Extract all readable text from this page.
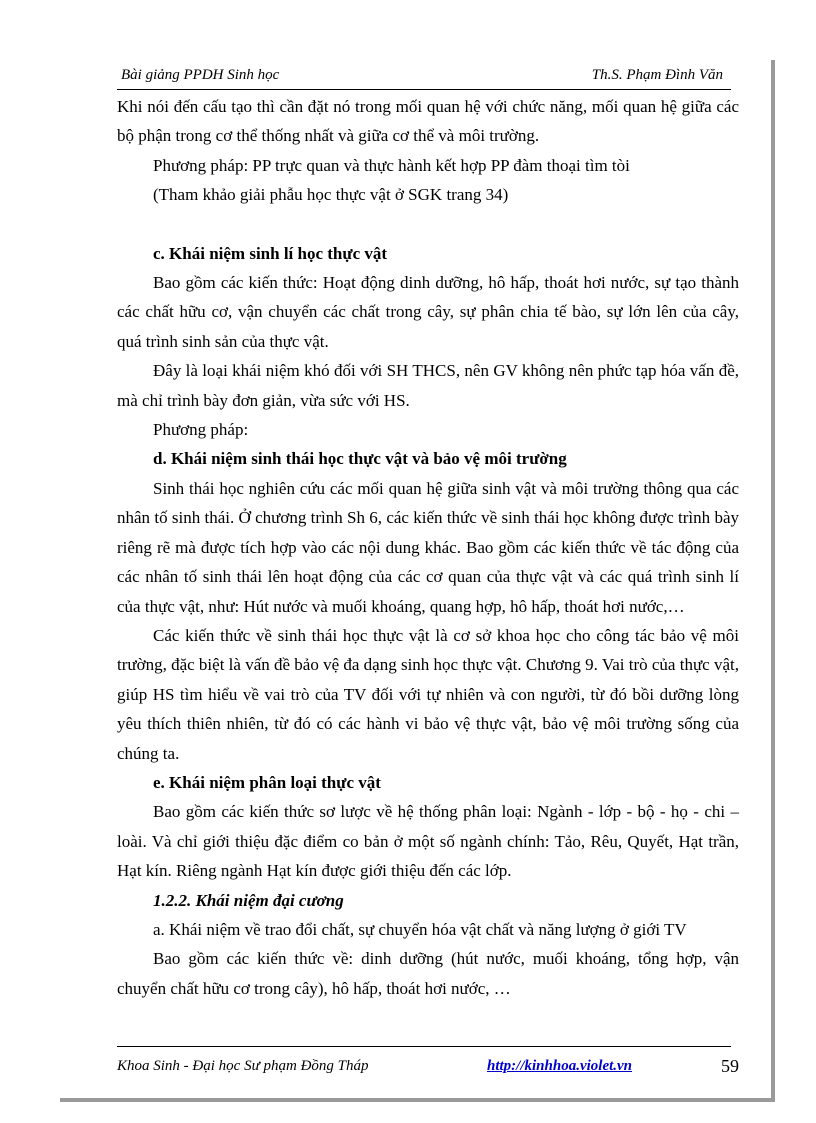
Bài giảng PPDH Sinh học	Th.S. Phạm Đình Văn

Khi nói đến cấu tạo thì cần đặt nó trong mối quan hệ với chức năng, mối quan hệ giữa các bộ phận trong cơ thể thống nhất và giữa cơ thể và môi trường.

Phương pháp: PP trực quan và thực hành kết hợp PP đàm thoại tìm tòi

(Tham khảo giải phẫu học thực vật ở SGK trang 34)

c. Khái niệm sinh lí học thực vật

Bao gồm các kiến thức: Hoạt động dinh dưỡng, hô hấp, thoát hơi nước, sự tạo thành các chất hữu cơ, vận chuyển các chất trong cây, sự phân chia tế bào, sự lớn lên của cây, quá trình sinh sản của thực vật.

Đây là loại khái niệm khó đối với SH THCS, nên GV không nên phức tạp hóa vấn đề, mà chỉ trình bày đơn giản, vừa sức với HS.

Phương pháp:

d. Khái niệm sinh thái học thực vật và bảo vệ môi trường

Sinh thái học nghiên cứu các mối quan hệ giữa sinh vật và môi trường thông qua các nhân tố sinh thái. Ở chương trình Sh 6, các kiến thức về sinh thái học không được trình bày riêng rẽ mà được tích hợp vào các nội dung khác. Bao gồm các kiến thức về tác động của các nhân tố sinh thái lên hoạt động của các cơ quan của thực vật và các quá trình sinh lí của thực vật, như: Hút nước và muối khoáng, quang hợp, hô hấp, thoát hơi nước,…

Các kiến thức về sinh thái học thực vật là cơ sở khoa học cho công tác bảo vệ môi trường, đặc biệt là vấn đề bảo vệ đa dạng sinh học thực vật. Chương 9. Vai trò của thực vật, giúp HS tìm hiểu về vai trò của TV đối với tự nhiên và con người, từ đó bồi dưỡng lòng yêu thích thiên nhiên, từ đó có các hành vi bảo vệ thực vật, bảo vệ môi trường sống của chúng ta.

e. Khái niệm phân loại thực vật

Bao gồm các kiến thức sơ lược về hệ thống phân loại: Ngành - lớp - bộ - họ - chi – loài. Và chỉ giới thiệu đặc điểm co bản ở một số ngành chính: Tảo, Rêu, Quyết, Hạt trần, Hạt kín. Riêng ngành Hạt kín được giới thiệu đến các lớp.

1.2.2. Khái niệm đại cương

a. Khái niệm về trao đổi chất, sự chuyển hóa vật chất và năng lượng ở giới TV

Bao gồm các kiến thức về: dinh dưỡng (hút nước, muối khoáng, tổng hợp, vận chuyển chất hữu cơ trong cây), hô hấp, thoát hơi nước, …

Khoa Sinh - Đại học Sư phạm Đồng Tháp	http://kinhhoa.violet.vn	59
